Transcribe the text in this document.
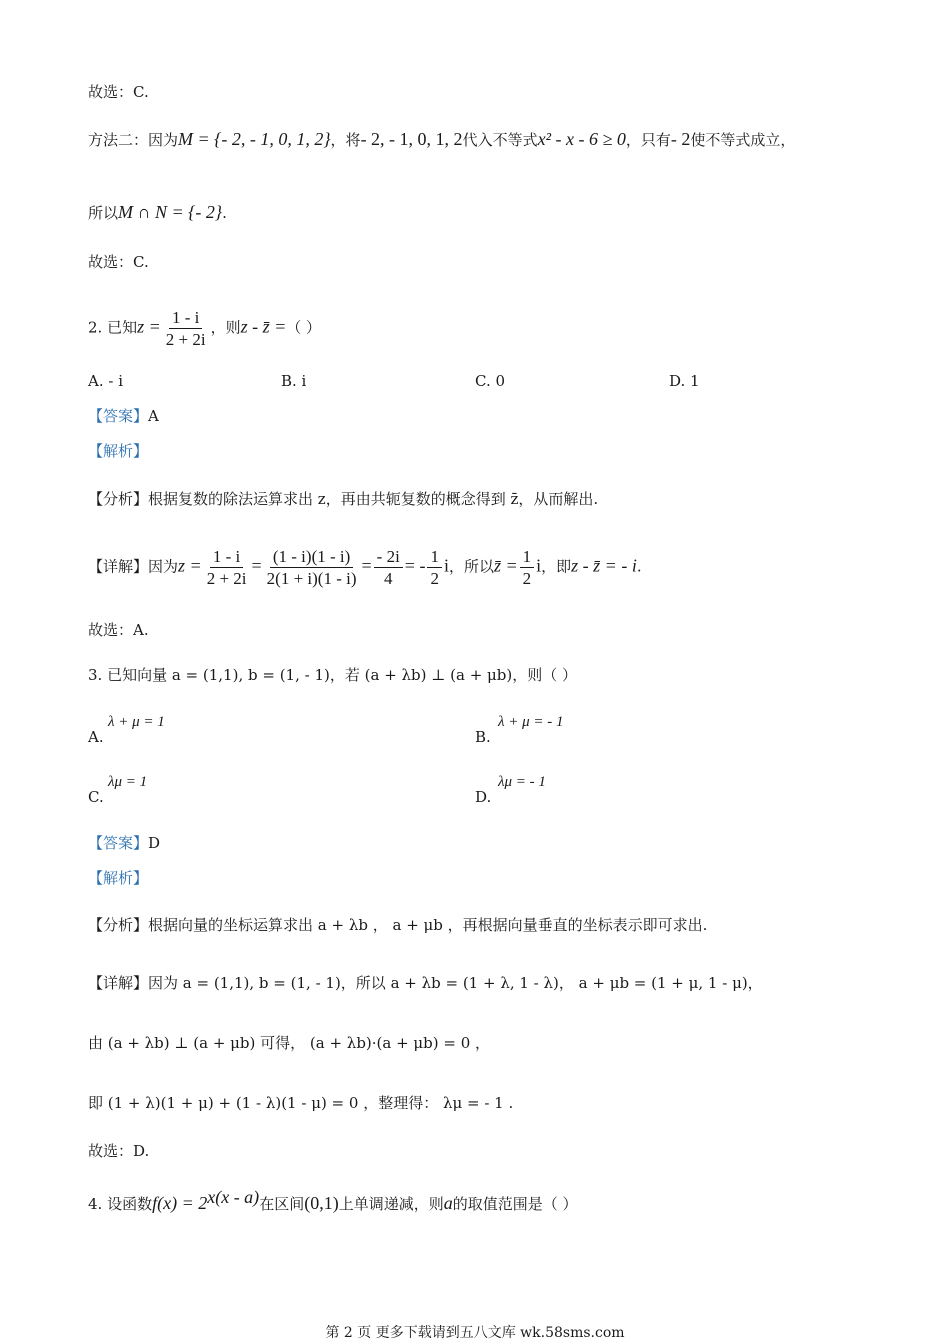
故选：C.
方法二：因为M = {- 2, - 1, 0, 1, 2}，将- 2, - 1, 0, 1, 2代入不等式x² - x - 6 ≥ 0，只有- 2使不等式成立，
所以M ∩ N = {- 2}.
故选：C.
2. 已知$z = \frac{1 - i}{2 + 2i}$ ，则z - z̄ =（ ）
A. - i	B. i	C. 0	D. 1
【答案】A
【解析】
【分析】根据复数的除法运算求出 z，再由共轭复数的概念得到 z̄，从而解出.
【详解】因为$z = \frac{1 - i}{2 + 2i} = \frac{(1 - i)(1 - i)}{2(1 + i)(1 - i)} = \frac{- 2i}{4}$ = - $\frac{1}{2}$ i，所以z̄ = $\frac{1}{2}$ i，即z - z̄ = - i.
故选：A.
3. 已知向量 a = (1,1), b = (1, - 1)，若 (a + λb) ⊥ (a + μb)，则（ ）
A.
λ + μ = 1
B.
λ + μ = - 1
C.
λμ = 1
D.
λμ = - 1
【答案】D
【解析】
【分析】根据向量的坐标运算求出 a + λb ， a + μb ，再根据向量垂直的坐标表示即可求出.
【详解】因为 a = (1,1), b = (1, - 1)，所以 a + λb = (1 + λ, 1 - λ)， a + μb = (1 + μ, 1 - μ)，
由 (a + λb) ⊥ (a + μb) 可得， (a + λb)·(a + μb) = 0 ，
即 (1 + λ)(1 + μ) + (1 - λ)(1 - μ) = 0 ，整理得： λμ = - 1 .
故选：D.
4. 设函数$f(x) = 2^{x(x - a)}$在区间(0,1)上单调递减，则a的取值范围是（ ）
第 2 页 更多下载请到五八文库 wk.58sms.com
